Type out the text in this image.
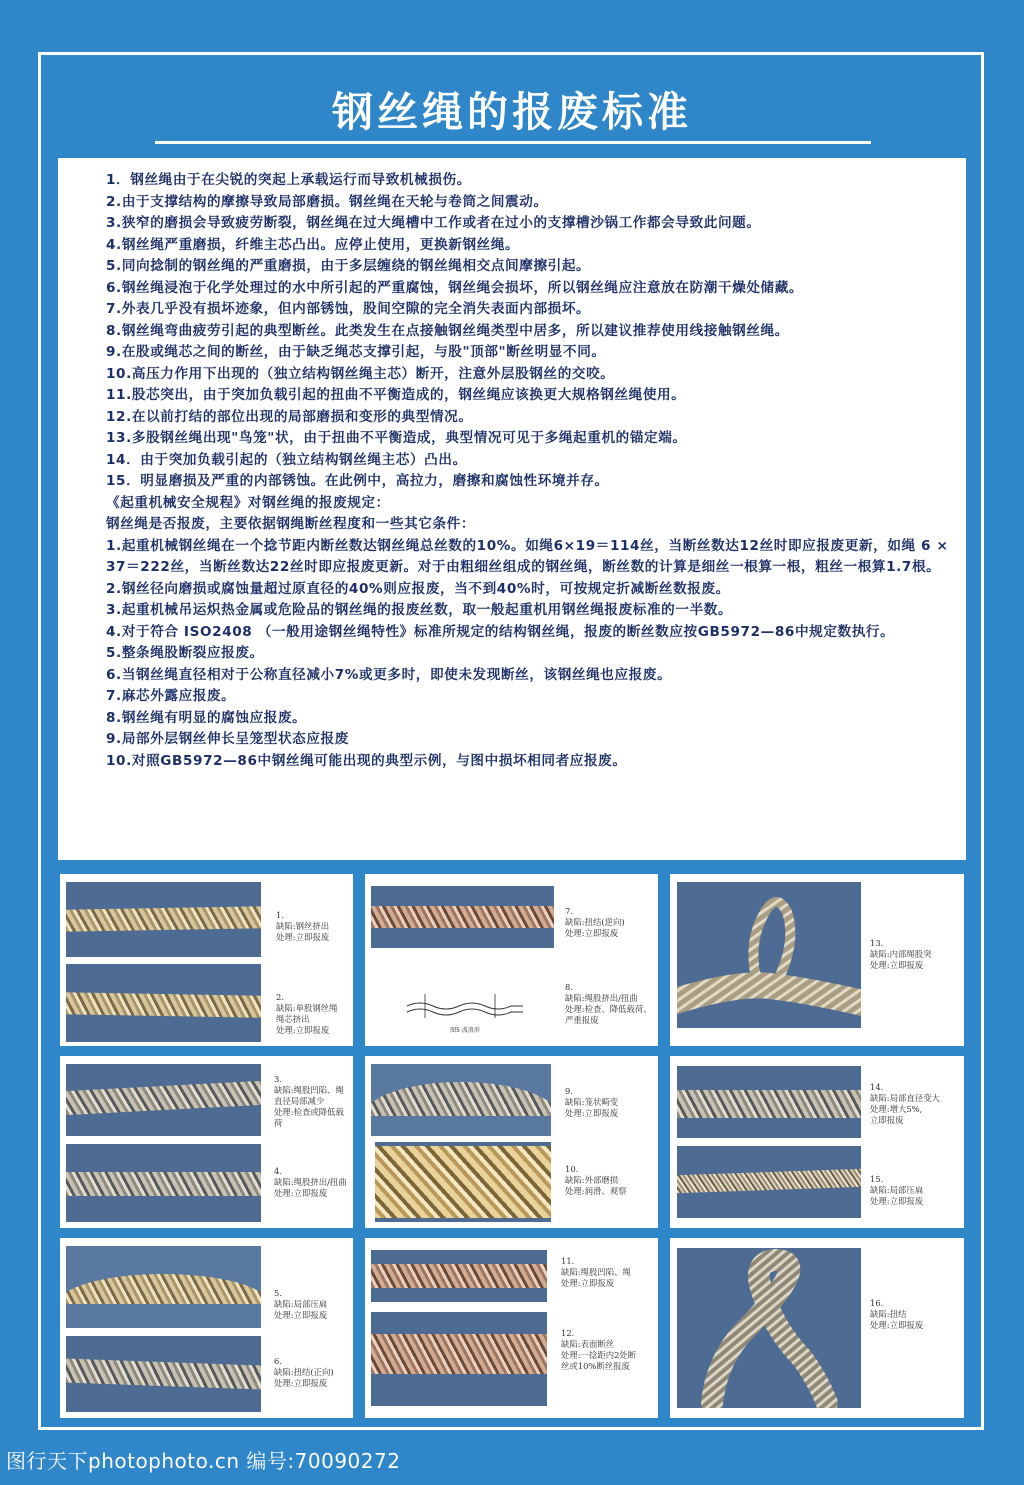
钢丝绳的报废标准
1．钢丝绳由于在尖锐的突起上承载运行而导致机械损伤。
2.由于支撑结构的摩擦导致局部磨损。钢丝绳在天轮与卷筒之间震动。
3.狭窄的磨损会导致疲劳断裂，钢丝绳在过大绳槽中工作或者在过小的支撑槽沙锅工作都会导致此问题。
4.钢丝绳严重磨损，纤维主芯凸出。应停止使用，更换新钢丝绳。
5.同向捻制的钢丝绳的严重磨损，由于多层缠绕的钢丝绳相交点间摩擦引起。
6.钢丝绳浸泡于化学处理过的水中所引起的严重腐蚀，钢丝绳会损坏，所以钢丝绳应注意放在防潮干燥处储藏。
7.外表几乎没有损坏迹象，但内部锈蚀，股间空隙的完全消失表面内部损坏。
8.钢丝绳弯曲疲劳引起的典型断丝。此类发生在点接触钢丝绳类型中居多，所以建议推荐使用线接触钢丝绳。
9.在股或绳芯之间的断丝，由于缺乏绳芯支撑引起，与股"顶部"断丝明显不同。
10.高压力作用下出现的（独立结构钢丝绳主芯）断开，注意外层股钢丝的交咬。
11.股芯突出，由于突加负载引起的扭曲不平衡造成的，钢丝绳应该换更大规格钢丝绳使用。
12.在以前打结的部位出现的局部磨损和变形的典型情况。
13.多股钢丝绳出现"鸟笼"状，由于扭曲不平衡造成，典型情况可见于多绳起重机的锚定端。
14．由于突加负载引起的（独立结构钢丝绳主芯）凸出。
15．明显磨损及严重的内部锈蚀。在此例中，高拉力，磨擦和腐蚀性环境并存。
《起重机械安全规程》对钢丝绳的报废规定：
钢丝绳是否报废，主要依据钢绳断丝程度和一些其它条件：
1.起重机械钢丝绳在一个捻节距内断丝数达钢丝绳总丝数的10%。如绳6×19＝114丝，当断丝数达12丝时即应报废更新，如绳 6 × 37＝222丝，当断丝数达22丝时即应报废更新。对于由粗细丝组成的钢丝绳，断丝数的计算是细丝一根算一根，粗丝一根算1.7根。
2.钢丝径向磨损或腐蚀量超过原直径的40%则应报废，当不到40%时，可按规定折减断丝数报废。
3.起重机械吊运炽热金属或危险品的钢丝绳的报废丝数，取一般起重机用钢丝绳报废标准的一半数。
4.对于符合 ISO2408 （一般用途钢丝绳特性》标准所规定的结构钢丝绳，报废的断丝数应按GB5972—86中规定数执行。
5.整条绳股断裂应报废。
6.当钢丝绳直径相对于公称直径减小7%或更多时，即使未发现断丝，该钢丝绳也应报废。
7.麻芯外露应报废。
8.钢丝绳有明显的腐蚀应报废。
9.局部外层钢丝伸长呈笼型状态应报废
10.对照GB5972—86中钢丝绳可能出现的典型示例，与图中损坏相同者应报废。
1.
缺陷:钢丝挤出
处理:立即报废
2.
缺陷:单股钢丝绳
绳芯挤出
处理:立即报废
7.
缺陷:扭结(逆向)
处理:立即报废
图5 波浪形
8.
缺陷:绳股挤出/扭曲
处理:检查、降低载荷、
严重报废
13.
缺陷:内部绳股突
处理:立即报废
3.
缺陷:绳股凹陷、绳
直径局部减少
处理:检查或降低载
荷
4.
缺陷:绳股挤出/扭曲
处理:立即报废
9.
缺陷:笼状畸变
处理:立即报废
10.
缺陷:外部磨损
处理:润滑、观察
14.
缺陷:局部直径变大
处理:增大5%,
立即报废
15.
缺陷:局部压扁
处理:立即报废
5.
缺陷:局部压扁
处理:立即报废
6.
缺陷:扭结(正向)
处理:立即报废
11.
缺陷:绳股凹陷、绳
处理:立即报废
12.
缺陷:表面断丝
处理:一捻距内2处断
丝或10%断丝报废
16.
缺陷:扭结
处理:立即报废
图行天下photophoto.cn 编号:70090272
